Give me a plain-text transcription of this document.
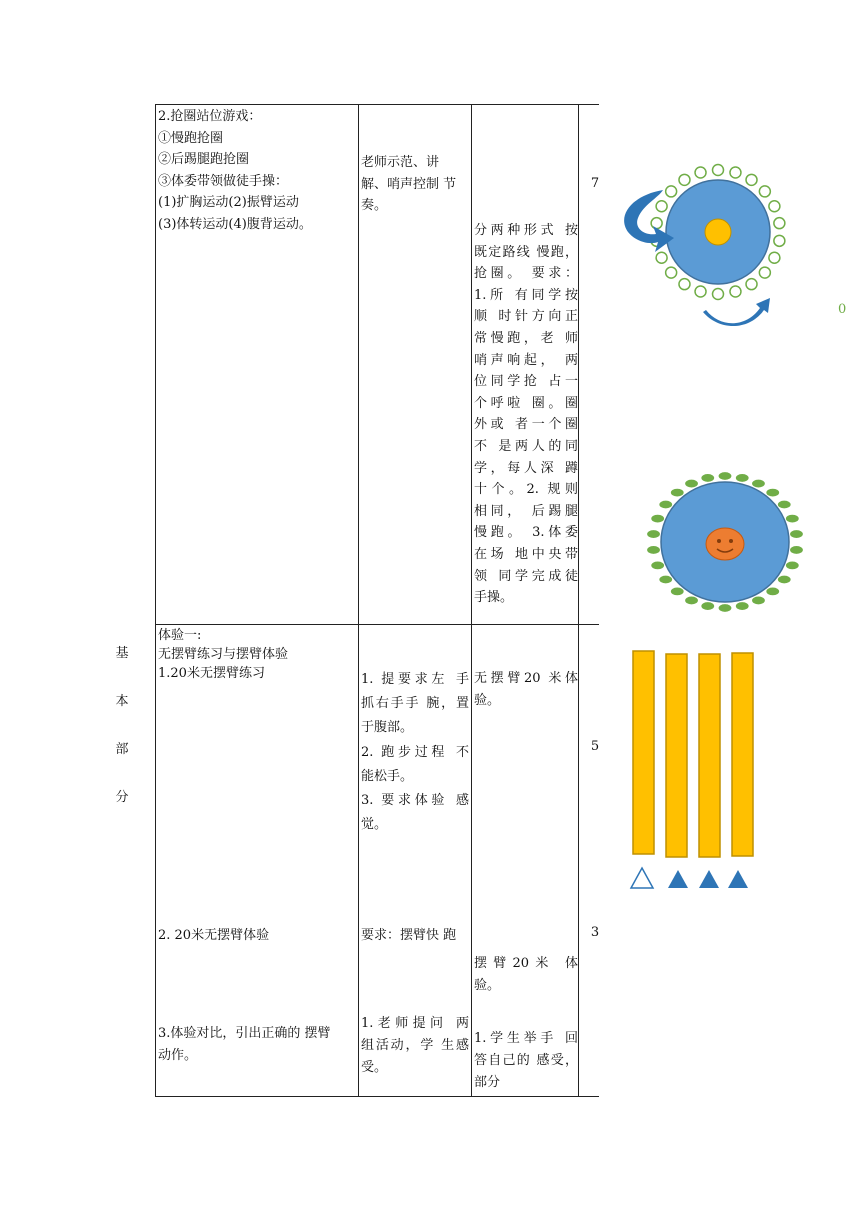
基
本
部
分
2.抢圈站位游戏：
①慢跑抢圈
②后踢腿跑抢圈
③体委带领做徒手操：
(1)扩胸运动(2)振臂运动
(3)体转运动(4)腹背运动。
老师示范、讲
解、哨声控制 节
奏。
分两种形式 按
既定路线 慢跑，
抢圈。 要求：
1.所 有同学按
顺 时针方向正
常慢跑，老 师
哨声响起， 两
位同学抢 占一
个呼啦 圈。圈
外或 者一个圈
不 是两人的同
学，每人深 蹲
十个。2. 规则
相同， 后踢腿
慢跑。 3.体委
在场 地中央带
领 同学完成徒
手操。
7
0
体验一:
无摆臂练习与摆臂体验
1.20米无摆臂练习	1. 提要求左 手
抓右手手 腕，置
于腹部。
2. 跑步过程 不
能松手。
3. 要求体验 感
觉。
无摆臂20 米体
验。
5
2. 20米无摆臂体验	要求：摆臂快 跑
摆臂20米 体
验。
3
3.体验对比，引出正确的 摆臂
动作。
1.老师提问 两
组活动，学 生感
受。
1.学生举手 回
答自己的 感受，
部分
